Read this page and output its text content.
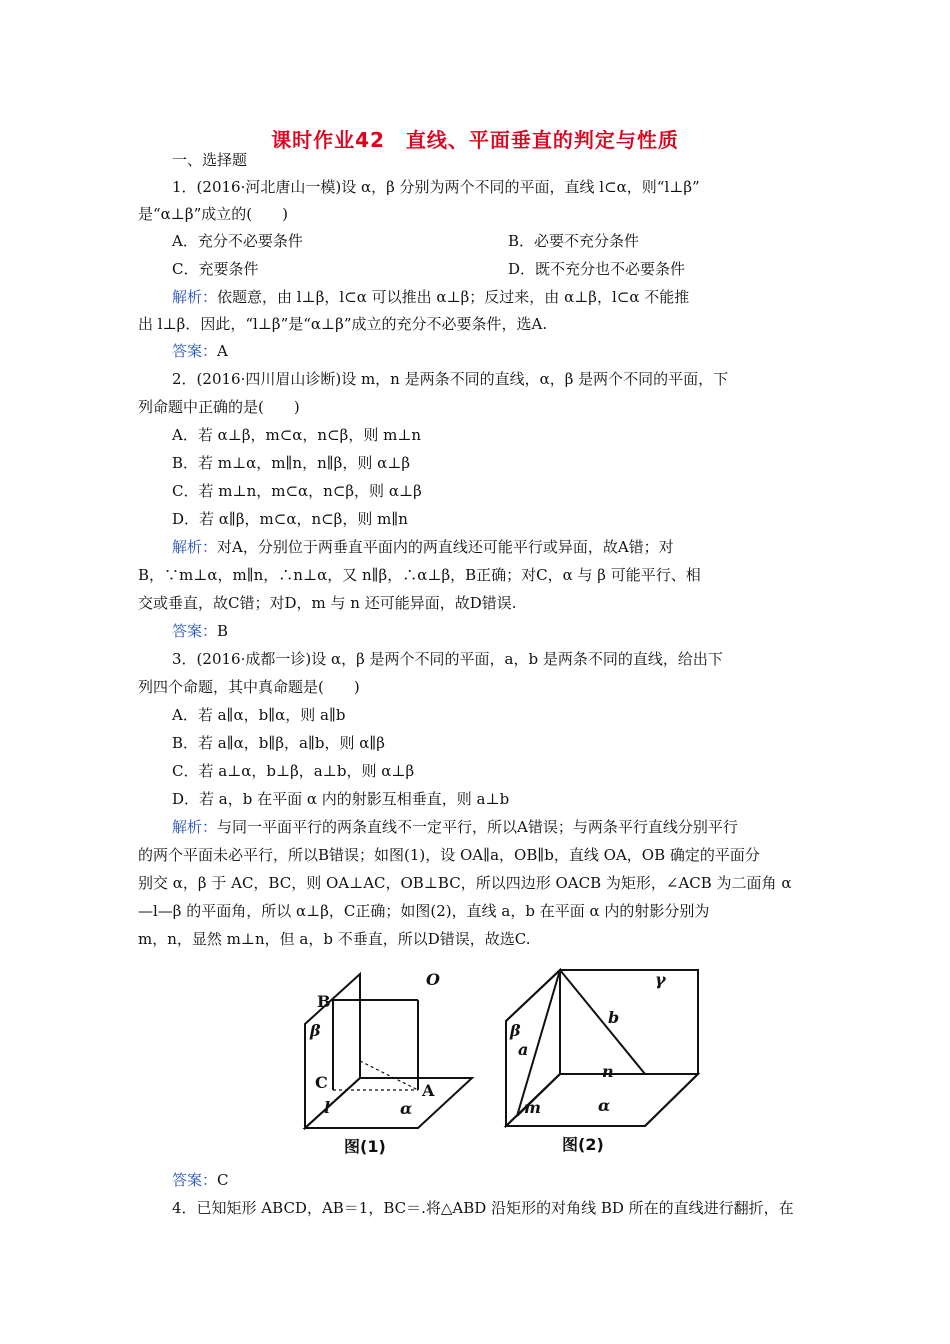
课时作业42　直线、平面垂直的判定与性质
一、选择题
1．(2016·河北唐山一模)设 α，β 分别为两个不同的平面，直线 l⊂α，则“l⊥β”
是“α⊥β”成立的(　　)
A．充分不必要条件	B．必要不充分条件
C．充要条件	D．既不充分也不必要条件
解析：依题意，由 l⊥β，l⊂α 可以推出 α⊥β；反过来，由 α⊥β，l⊂α 不能推
出 l⊥β．因此，“l⊥β”是“α⊥β”成立的充分不必要条件，选A.
答案：A
2．(2016·四川眉山诊断)设 m，n 是两条不同的直线，α，β 是两个不同的平面，下
列命题中正确的是(　　)
A．若 α⊥β，m⊂α，n⊂β，则 m⊥n
B．若 m⊥α，m∥n，n∥β，则 α⊥β
C．若 m⊥n，m⊂α，n⊂β，则 α⊥β
D．若 α∥β，m⊂α，n⊂β，则 m∥n
解析：对A，分别位于两垂直平面内的两直线还可能平行或异面，故A错；对
B，∵m⊥α，m∥n，∴n⊥α，又 n∥β，∴α⊥β，B正确；对C，α 与 β 可能平行、相
交或垂直，故C错；对D，m 与 n 还可能异面，故D错误.
答案：B
3．(2016·成都一诊)设 α，β 是两个不同的平面，a，b 是两条不同的直线，给出下
列四个命题，其中真命题是(　　)
A．若 a∥α，b∥α，则 a∥b
B．若 a∥α，b∥β，a∥b，则 α∥β
C．若 a⊥α，b⊥β，a⊥b，则 α⊥β
D．若 a，b 在平面 α 内的射影互相垂直，则 a⊥b
解析：与同一平面平行的两条直线不一定平行，所以A错误；与两条平行直线分别平行
的两个平面未必平行，所以B错误；如图(1)，设 OA∥a，OB∥b，直线 OA，OB 确定的平面分
别交 α，β 于 AC，BC，则 OA⊥AC，OB⊥BC，所以四边形 OACB 为矩形，∠ACB 为二面角 α
—l—β 的平面角，所以 α⊥β，C正确；如图(2)，直线 a，b 在平面 α 内的射影分别为
m，n，显然 m⊥n，但 a，b 不垂直，所以D错误，故选C.
O
B
β
C	A
l	α
图(1)
γ
b
β
a
n
m	α
图(2)
答案：C
4．已知矩形 ABCD，AB＝1，BC＝.将△ABD 沿矩形的对角线 BD 所在的直线进行翻折，在
